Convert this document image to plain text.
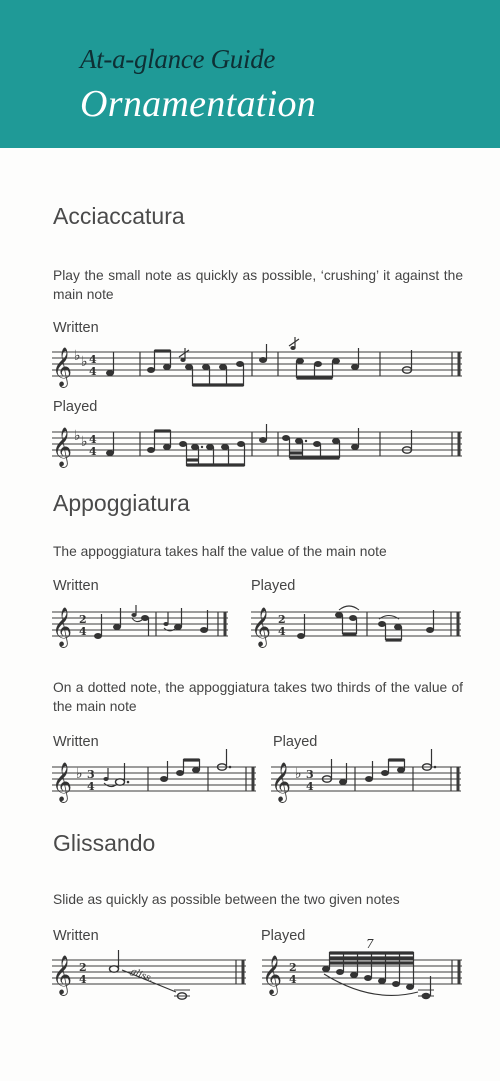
At-a-glance Guide
Ornamentation
Acciaccatura
Play the small note as quickly as possible, ‘crushing’ it against the main note
Written
𝄞 ♭ ♭ 4
4
Played
𝄞 ♭ ♭ 4
4
Appoggiatura
The appoggiatura takes half the value of the main note
Written
𝄞 2
4
Played
𝄞 2
4
On a dotted note, the appoggiatura takes two thirds of the value of the main note
Written
𝄞 ♭ 3
4
Played
𝄞 ♭ 3
4
Glissando
Slide as quickly as possible between the two given notes
Written
𝄞 2
4	gliss.
Played
𝄞 2
4
7
